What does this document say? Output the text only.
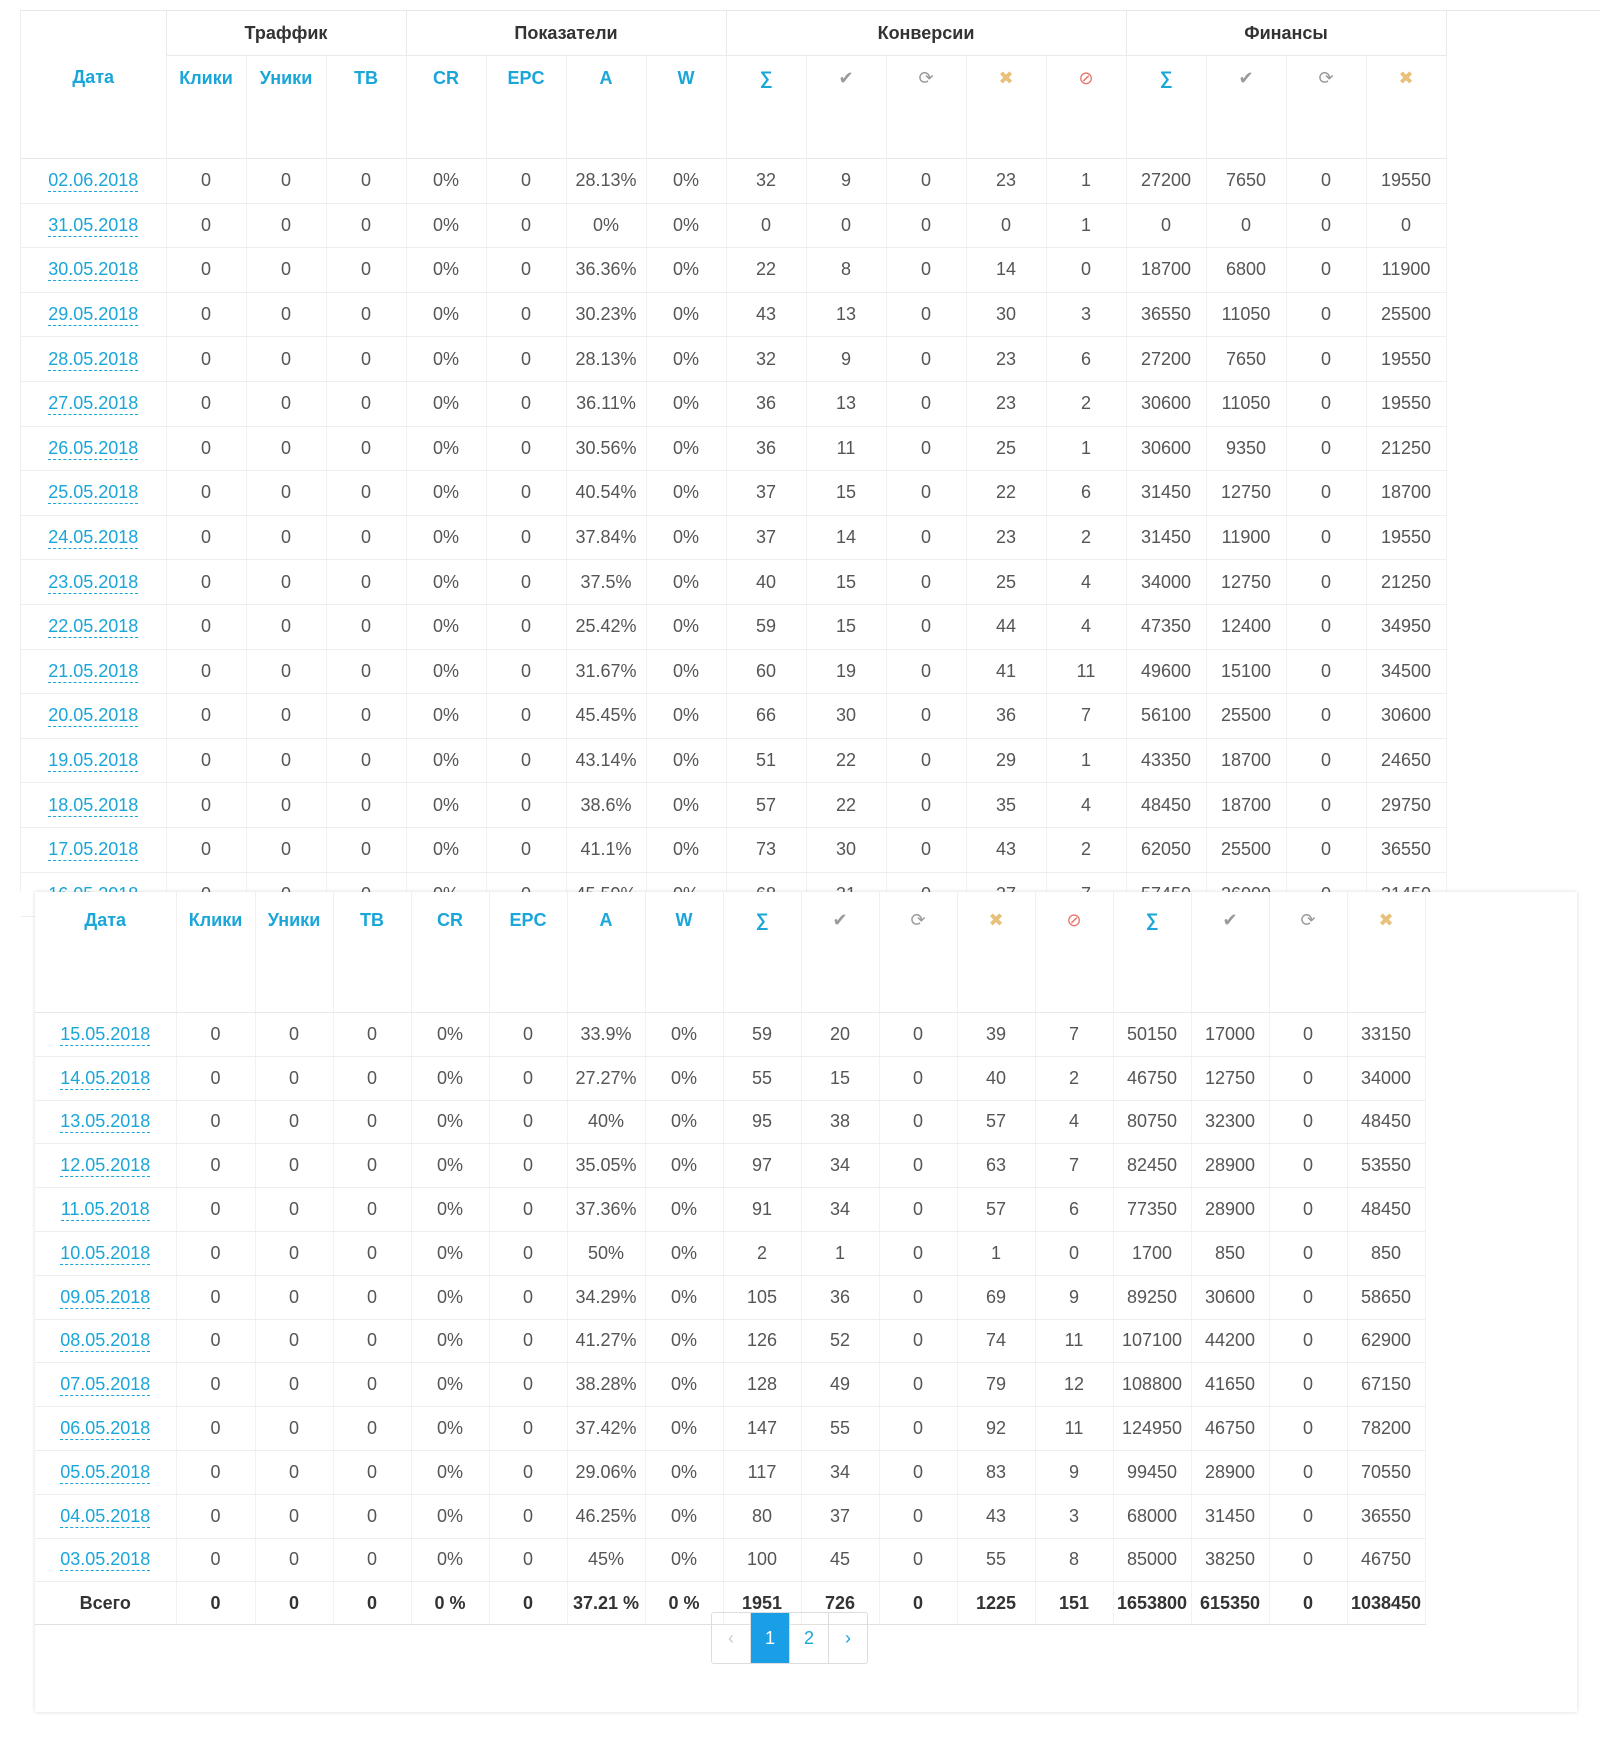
	Траффик			Показатели				Конверсии					Финансы			
Дата	Клики	Уники	ТВ	CR	EPC	A	W	∑	✔	⟳	✖	⊘	∑	✔	⟳	✖

02.06.2018	0	0	0	0%	0	28.13%	0%	32	9	0	23	1	27200	7650	0	19550
31.05.2018	0	0	0	0%	0	0%	0%	0	0	0	0	1	0	0	0	0
30.05.2018	0	0	0	0%	0	36.36%	0%	22	8	0	14	0	18700	6800	0	11900
29.05.2018	0	0	0	0%	0	30.23%	0%	43	13	0	30	3	36550	11050	0	25500
28.05.2018	0	0	0	0%	0	28.13%	0%	32	9	0	23	6	27200	7650	0	19550
27.05.2018	0	0	0	0%	0	36.11%	0%	36	13	0	23	2	30600	11050	0	19550
26.05.2018	0	0	0	0%	0	30.56%	0%	36	11	0	25	1	30600	9350	0	21250
25.05.2018	0	0	0	0%	0	40.54%	0%	37	15	0	22	6	31450	12750	0	18700
24.05.2018	0	0	0	0%	0	37.84%	0%	37	14	0	23	2	31450	11900	0	19550
23.05.2018	0	0	0	0%	0	37.5%	0%	40	15	0	25	4	34000	12750	0	21250
22.05.2018	0	0	0	0%	0	25.42%	0%	59	15	0	44	4	47350	12400	0	34950
21.05.2018	0	0	0	0%	0	31.67%	0%	60	19	0	41	11	49600	15100	0	34500
20.05.2018	0	0	0	0%	0	45.45%	0%	66	30	0	36	7	56100	25500	0	30600
19.05.2018	0	0	0	0%	0	43.14%	0%	51	22	0	29	1	43350	18700	0	24650
18.05.2018	0	0	0	0%	0	38.6%	0%	57	22	0	35	4	48450	18700	0	29750
17.05.2018	0	0	0	0%	0	41.1%	0%	73	30	0	43	2	62050	25500	0	36550

Дата	Клики	Уники	ТВ	CR	EPC	A	W	∑	✔	⟳	✖	⊘	∑	✔	⟳	✖

15.05.2018	0	0	0	0%	0	33.9%	0%	59	20	0	39	7	50150	17000	0	33150
14.05.2018	0	0	0	0%	0	27.27%	0%	55	15	0	40	2	46750	12750	0	34000
13.05.2018	0	0	0	0%	0	40%	0%	95	38	0	57	4	80750	32300	0	48450
12.05.2018	0	0	0	0%	0	35.05%	0%	97	34	0	63	7	82450	28900	0	53550
11.05.2018	0	0	0	0%	0	37.36%	0%	91	34	0	57	6	77350	28900	0	48450
10.05.2018	0	0	0	0%	0	50%	0%	2	1	0	1	0	1700	850	0	850
09.05.2018	0	0	0	0%	0	34.29%	0%	105	36	0	69	9	89250	30600	0	58650
08.05.2018	0	0	0	0%	0	41.27%	0%	126	52	0	74	11	107100	44200	0	62900
07.05.2018	0	0	0	0%	0	38.28%	0%	128	49	0	79	12	108800	41650	0	67150
06.05.2018	0	0	0	0%	0	37.42%	0%	147	55	0	92	11	124950	46750	0	78200
05.05.2018	0	0	0	0%	0	29.06%	0%	117	34	0	83	9	99450	28900	0	70550
04.05.2018	0	0	0	0%	0	46.25%	0%	80	37	0	43	3	68000	31450	0	36550
03.05.2018	0	0	0	0%	0	45%	0%	100	45	0	55	8	85000	38250	0	46750
Всего	0	0	0	0 %	0	37.21 %	0 %	1951	726	0	1225	151	1653800	615350	0	1038450
‹	1	2	›
